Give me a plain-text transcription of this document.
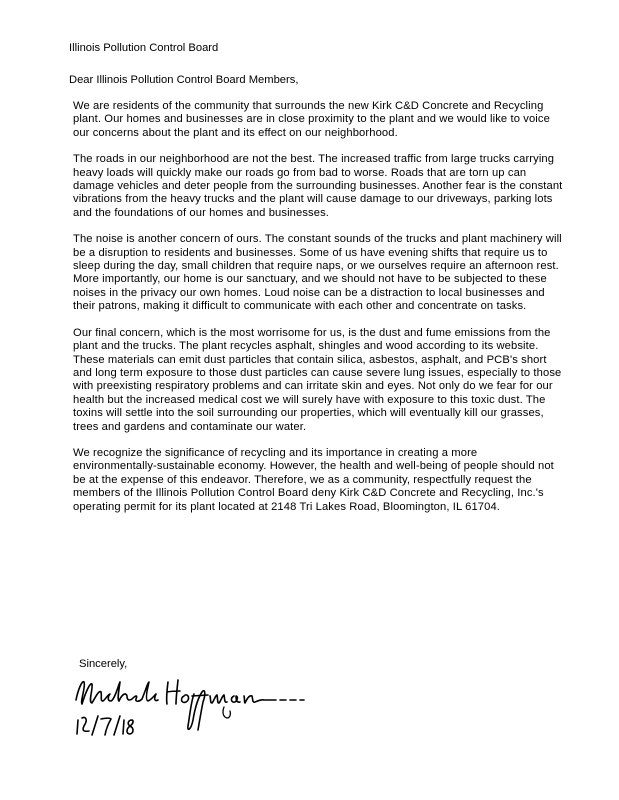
Illinois Pollution Control Board
Dear Illinois Pollution Control Board Members,

We are residents of the community that surrounds the new Kirk C&D Concrete and Recycling plant. Our homes and businesses are in close proximity to the plant and we would like to voice our concerns about the plant and its effect on our neighborhood.

The roads in our neighborhood are not the best. The increased traffic from large trucks carrying heavy loads will quickly make our roads go from bad to worse. Roads that are torn up can damage vehicles and deter people from the surrounding businesses. Another fear is the constant vibrations from the heavy trucks and the plant will cause damage to our driveways, parking lots and the foundations of our homes and businesses.

The noise is another concern of ours. The constant sounds of the trucks and plant machinery will be a disruption to residents and businesses. Some of us have evening shifts that require us to sleep during the day, small children that require naps, or we ourselves require an afternoon rest. More importantly, our home is our sanctuary, and we should not have to be subjected to these noises in the privacy our own homes. Loud noise can be a distraction to local businesses and their patrons, making it difficult to communicate with each other and concentrate on tasks.

Our final concern, which is the most worrisome for us, is the dust and fume emissions from the plant and the trucks. The plant recycles asphalt, shingles and wood according to its website. These materials can emit dust particles that contain silica, asbestos, asphalt, and PCB's short and long term exposure to those dust particles can cause severe lung issues, especially to those with preexisting respiratory problems and can irritate skin and eyes. Not only do we fear for our health but the increased medical cost we will surely have with exposure to this toxic dust. The toxins will settle into the soil surrounding our properties, which will eventually kill our grasses, trees and gardens and contaminate our water.

We recognize the significance of recycling and its importance in creating a more environmentally-sustainable economy. However, the health and well-being of people should not be at the expense of this endeavor. Therefore, we as a community, respectfully request the members of the Illinois Pollution Control Board deny Kirk C&D Concrete and Recycling, Inc.'s operating permit for its plant located at 2148 Tri Lakes Road, Bloomington, IL 61704.

Sincerely,
